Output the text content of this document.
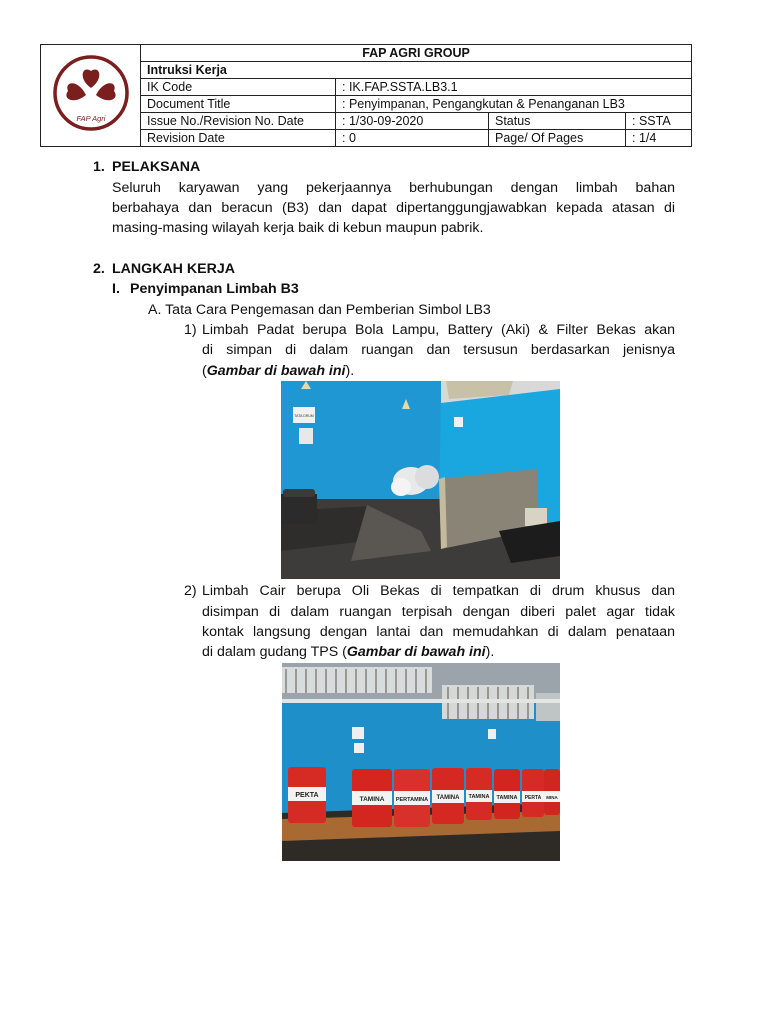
FAP Agri	FAP AGRI GROUP			
	Intruksi Kerja			
	IK Code	: IK.FAP.SSTA.LB3.1		
	Document Title	: Penyimpanan, Pengangkutan & Penanganan LB3		
	Issue No./Revision No. Date	: 1/30-09-2020	Status	: SSTA
	Revision Date	: 0	Page/ Of Pages	: 1/4
1. PELAKSANA
Seluruh karyawan yang pekerjaannya berhubungan dengan limbah bahan
berbahaya dan beracun (B3) dan dapat dipertanggungjawabkan kepada atasan di
masing-masing wilayah kerja baik di kebun maupun pabrik.
2. LANGKAH KERJA
I. Penyimpanan Limbah B3
A. Tata Cara Pengemasan dan Pemberian Simbol LB3
1) Limbah Padat berupa Bola Lampu, Battery (Aki) & Filter Bekas akan
di simpan di dalam ruangan dan tersusun berdasarkan jenisnya
(Gambar di bawah ini).
TATA DRUM
2) Limbah Cair berupa Oli Bekas di tempatkan di drum khusus dan
disimpan di dalam ruangan terpisah dengan diberi palet agar tidak
kontak langsung dengan lantai dan memudahkan di dalam penataan
di dalam gudang TPS (Gambar di bawah ini).
PEKTA
TAMINA PERTAMINA TAMINA TAMINA TAMINA PERTA MINA
